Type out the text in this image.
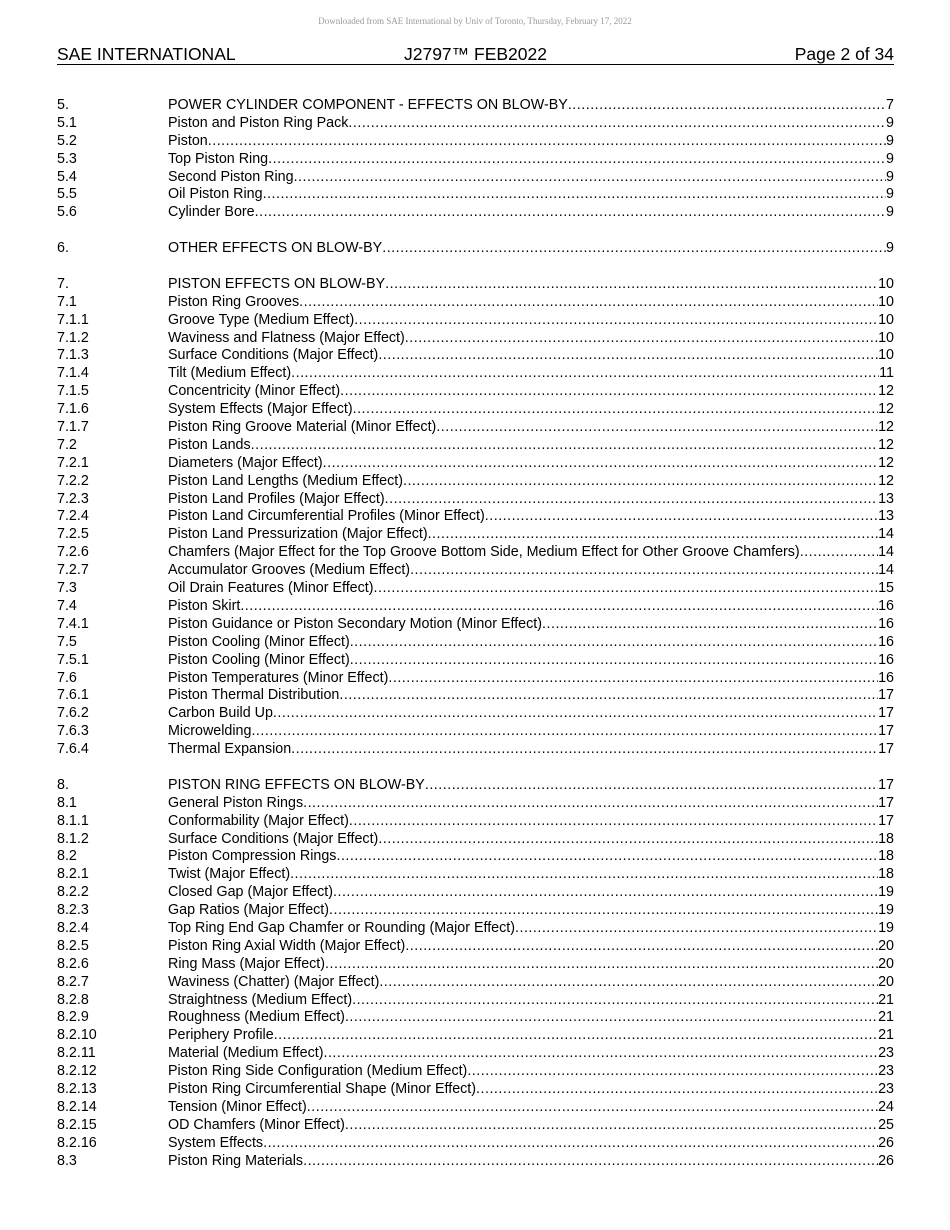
Downloaded from SAE International by Univ of Toronto, Thursday, February 17, 2022
SAE INTERNATIONAL	J2797™ FEB2022	Page 2 of 34
5.	POWER CYLINDER COMPONENT - EFFECTS ON BLOW-BY .....	7
5.1	Piston and Piston Ring Pack .....	9
5.2	Piston .....	9
5.3	Top Piston Ring .....	9
5.4	Second Piston Ring .....	9
5.5	Oil Piston Ring .....	9
5.6	Cylinder Bore .....	9
6.	OTHER EFFECTS ON BLOW-BY .....	9
7.	PISTON EFFECTS ON BLOW-BY .....	10
7.1	Piston Ring Grooves .....	10
7.1.1	Groove Type (Medium Effect) .....	10
7.1.2	Waviness and Flatness (Major Effect) .....	10
7.1.3	Surface Conditions (Major Effect) .....	10
7.1.4	Tilt (Medium Effect) .....	11
7.1.5	Concentricity (Minor Effect) .....	12
7.1.6	System Effects (Major Effect) .....	12
7.1.7	Piston Ring Groove Material (Minor Effect) .....	12
7.2	Piston Lands .....	12
7.2.1	Diameters (Major Effect) .....	12
7.2.2	Piston Land Lengths (Medium Effect) .....	12
7.2.3	Piston Land Profiles (Major Effect) .....	13
7.2.4	Piston Land Circumferential Profiles (Minor Effect) .....	13
7.2.5	Piston Land Pressurization (Major Effect) .....	14
7.2.6	Chamfers (Major Effect for the Top Groove Bottom Side, Medium Effect for Other Groove Chamfers) .....	14
7.2.7	Accumulator Grooves (Medium Effect) .....	14
7.3	Oil Drain Features (Minor Effect) .....	15
7.4	Piston Skirt .....	16
7.4.1	Piston Guidance or Piston Secondary Motion (Minor Effect) .....	16
7.5	Piston Cooling (Minor Effect) .....	16
7.5.1	Piston Cooling (Minor Effect) .....	16
7.6	Piston Temperatures (Minor Effect) .....	16
7.6.1	Piston Thermal Distribution .....	17
7.6.2	Carbon Build Up .....	17
7.6.3	Microwelding .....	17
7.6.4	Thermal Expansion .....	17
8.	PISTON RING EFFECTS ON BLOW-BY .....	17
8.1	General Piston Rings .....	17
8.1.1	Conformability (Major Effect) .....	17
8.1.2	Surface Conditions (Major Effect) .....	18
8.2	Piston Compression Rings .....	18
8.2.1	Twist (Major Effect) .....	18
8.2.2	Closed Gap (Major Effect) .....	19
8.2.3	Gap Ratios (Major Effect) .....	19
8.2.4	Top Ring End Gap Chamfer or Rounding (Major Effect) .....	19
8.2.5	Piston Ring Axial Width (Major Effect) .....	20
8.2.6	Ring Mass (Major Effect) .....	20
8.2.7	Waviness (Chatter) (Major Effect) .....	20
8.2.8	Straightness (Medium Effect) .....	21
8.2.9	Roughness (Medium Effect) .....	21
8.2.10	Periphery Profile .....	21
8.2.11	Material (Medium Effect) .....	23
8.2.12	Piston Ring Side Configuration (Medium Effect) .....	23
8.2.13	Piston Ring Circumferential Shape (Minor Effect) .....	23
8.2.14	Tension (Minor Effect) .....	24
8.2.15	OD Chamfers (Minor Effect) .....	25
8.2.16	System Effects .....	26
8.3	Piston Ring Materials .....	26
